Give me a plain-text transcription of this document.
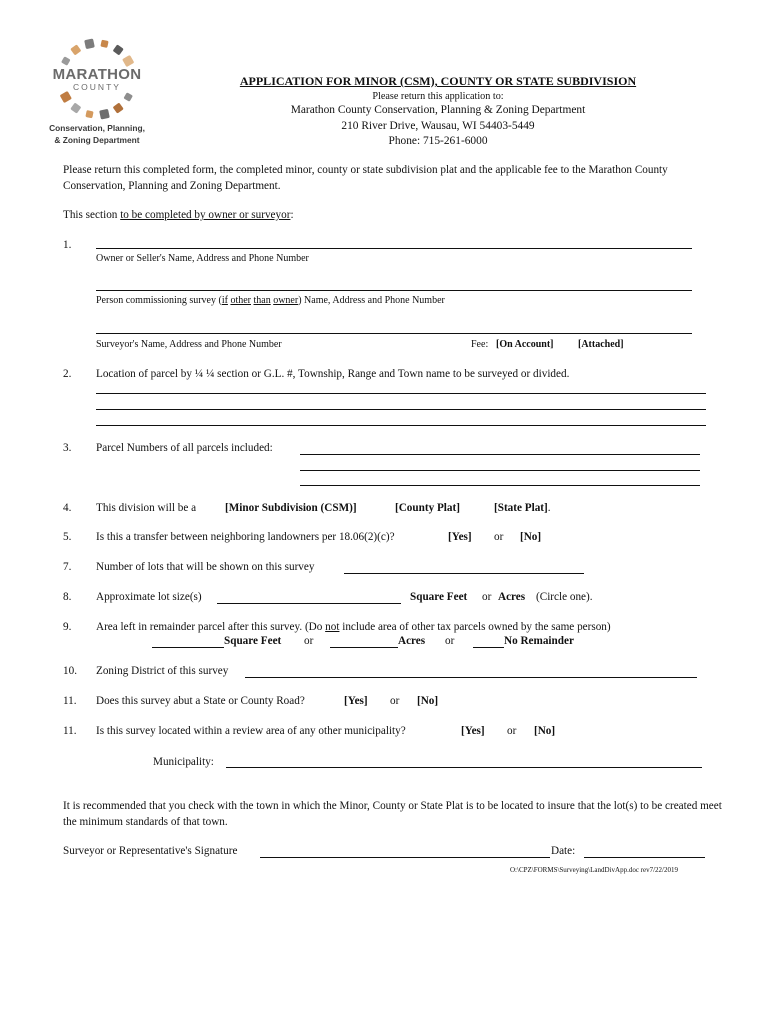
MARATHON
COUNTY
Conservation, Planning,
& Zoning Department
APPLICATION FOR MINOR (CSM), COUNTY OR STATE SUBDIVISION
Please return this application to:
Marathon County Conservation, Planning & Zoning Department
210 River Drive, Wausau, WI 54403-5449
Phone: 715-261-6000
Please return this completed form, the completed minor, county or state subdivision plat and the applicable fee to the Marathon County Conservation, Planning and Zoning Department.
This section to be completed by owner or surveyor:
1.
Owner or Seller's Name, Address and Phone Number
Person commissioning survey (if other than owner) Name, Address and Phone Number
Surveyor's Name, Address and Phone Number	Fee: [On Account] [Attached]
2. Location of parcel by ¼ ¼ section or G.L. #, Township, Range and Town name to be surveyed or divided.
3. Parcel Numbers of all parcels included:
4. This division will be a	[Minor Subdivision (CSM)]	[County Plat]	[State Plat].
5. Is this a transfer between neighboring landowners per 18.06(2)(c)?	[Yes] or [No]
7. Number of lots that will be shown on this survey
8. Approximate lot size(s)	Square Feet or Acres (Circle one).
9. Area left in remainder parcel after this survey. (Do not include area of other tax parcels owned by the same person)
Square Feet or	Acres or	No Remainder
10. Zoning District of this survey
11. Does this survey abut a State or County Road?	[Yes] or [No]
11. Is this survey located within a review area of any other municipality?	[Yes] or [No]
Municipality:
It is recommended that you check with the town in which the Minor, County or State Plat is to be located to insure that the lot(s) to be created meet the minimum standards of that town.
Surveyor or Representative's Signature	Date:
O:\CPZ\FORMS\Surveying\LandDivApp.doc rev7/22/2019
